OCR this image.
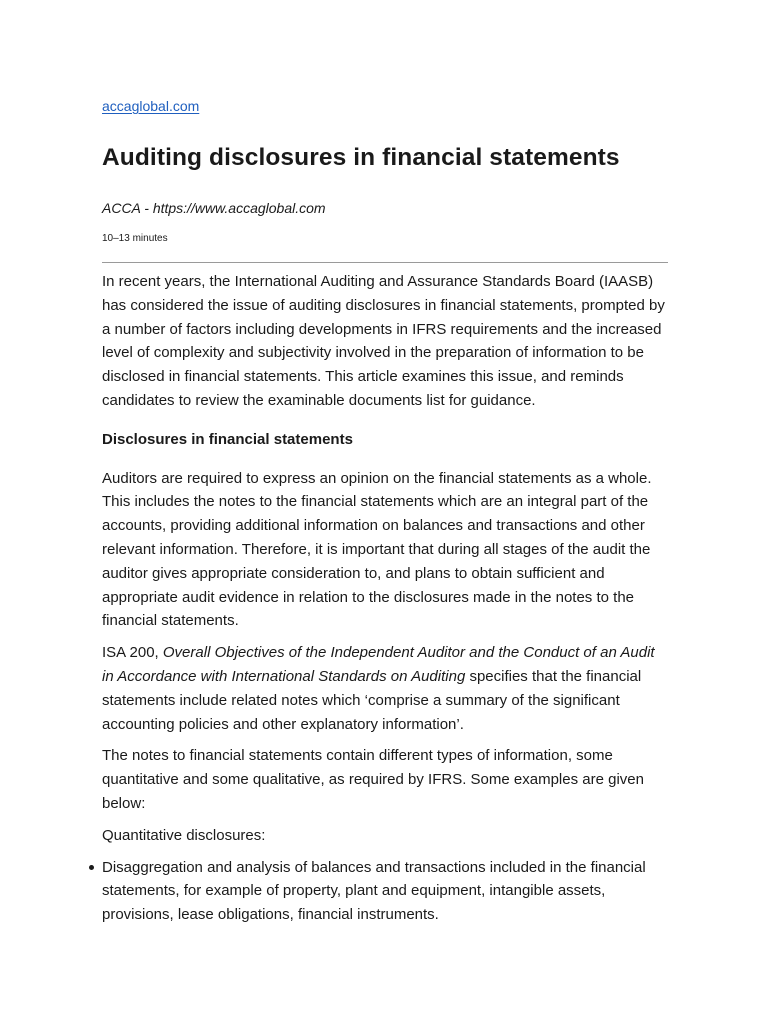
accaglobal.com
Auditing disclosures in financial statements
ACCA - https://www.accaglobal.com
10–13 minutes

In recent years, the International Auditing and Assurance Standards Board (IAASB) has considered the issue of auditing disclosures in financial statements, prompted by a number of factors including developments in IFRS requirements and the increased level of complexity and subjectivity involved in the preparation of information to be disclosed in financial statements. This article examines this issue, and reminds candidates to review the examinable documents list for guidance.

Disclosures in financial statements

Auditors are required to express an opinion on the financial statements as a whole. This includes the notes to the financial statements which are an integral part of the accounts, providing additional information on balances and transactions and other relevant information. Therefore, it is important that during all stages of the audit the auditor gives appropriate consideration to, and plans to obtain sufficient and appropriate audit evidence in relation to the disclosures made in the notes to the financial statements.

ISA 200, Overall Objectives of the Independent Auditor and the Conduct of an Audit in Accordance with International Standards on Auditing specifies that the financial statements include related notes which ‘comprise a summary of the significant accounting policies and other explanatory information’.

The notes to financial statements contain different types of information, some quantitative and some qualitative, as required by IFRS. Some examples are given below:

Quantitative disclosures:

Disaggregation and analysis of balances and transactions included in the financial statements, for example of property, plant and equipment, intangible assets, provisions, lease obligations, financial instruments.
